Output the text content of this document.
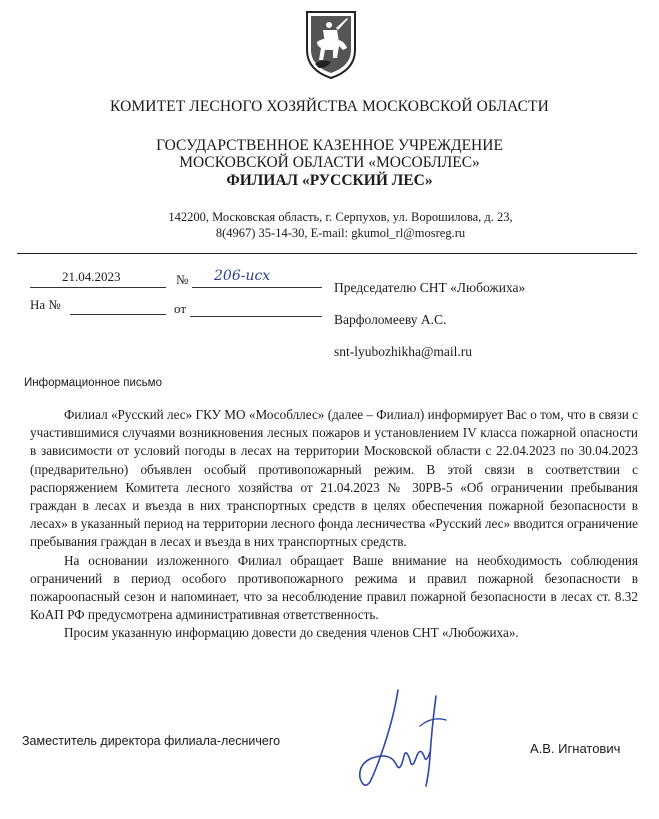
КОМИТЕТ ЛЕСНОГО ХОЗЯЙСТВА МОСКОВСКОЙ ОБЛАСТИ
ГОСУДАРСТВЕННОЕ КАЗЕННОЕ УЧРЕЖДЕНИЕ
МОСКОВСКОЙ ОБЛАСТИ «МОСОБЛЛЕС»
ФИЛИАЛ «РУССКИЙ ЛЕС»
142200, Московская область, г. Серпухов, ул. Ворошилова, д. 23,
8(4967) 35-14-30, E-mail: gkumol_rl@mosreg.ru
21.04.2023	№ 206-исх
На №	от
Председателю СНТ «Любожиха»
Варфоломееву А.С.
snt-lyubozhikha@mail.ru
Информационное письмо

Филиал «Русский лес» ГКУ МО «Мособллес» (далее – Филиал) информирует Вас о том, что в связи с участившимися случаями возникновения лесных пожаров и установлением IV класса пожарной опасности в зависимости от условий погоды в лесах на территории Московской области с 22.04.2023 по 30.04.2023 (предварительно) объявлен особый противопожарный режим. В этой связи в соответствии с распоряжением Комитета лесного хозяйства от 21.04.2023 № 30РВ-5 «Об ограничении пребывания граждан в лесах и въезда в них транспортных средств в целях обеспечения пожарной безопасности в лесах» в указанный период на территории лесного фонда лесничества «Русский лес» вводится ограничение пребывания граждан в лесах и въезда в них транспортных средств.

На основании изложенного Филиал обращает Ваше внимание на необходимость соблюдения ограничений в период особого противопожарного режима и правил пожарной безопасности в пожароопасный сезон и напоминает, что за несоблюдение правил пожарной безопасности в лесах ст. 8.32 КоАП РФ предусмотрена административная ответственность.

Просим указанную информацию довести до сведения членов СНТ «Любожиха».

Заместитель директора филиала-лесничего	А.В. Игнатович
